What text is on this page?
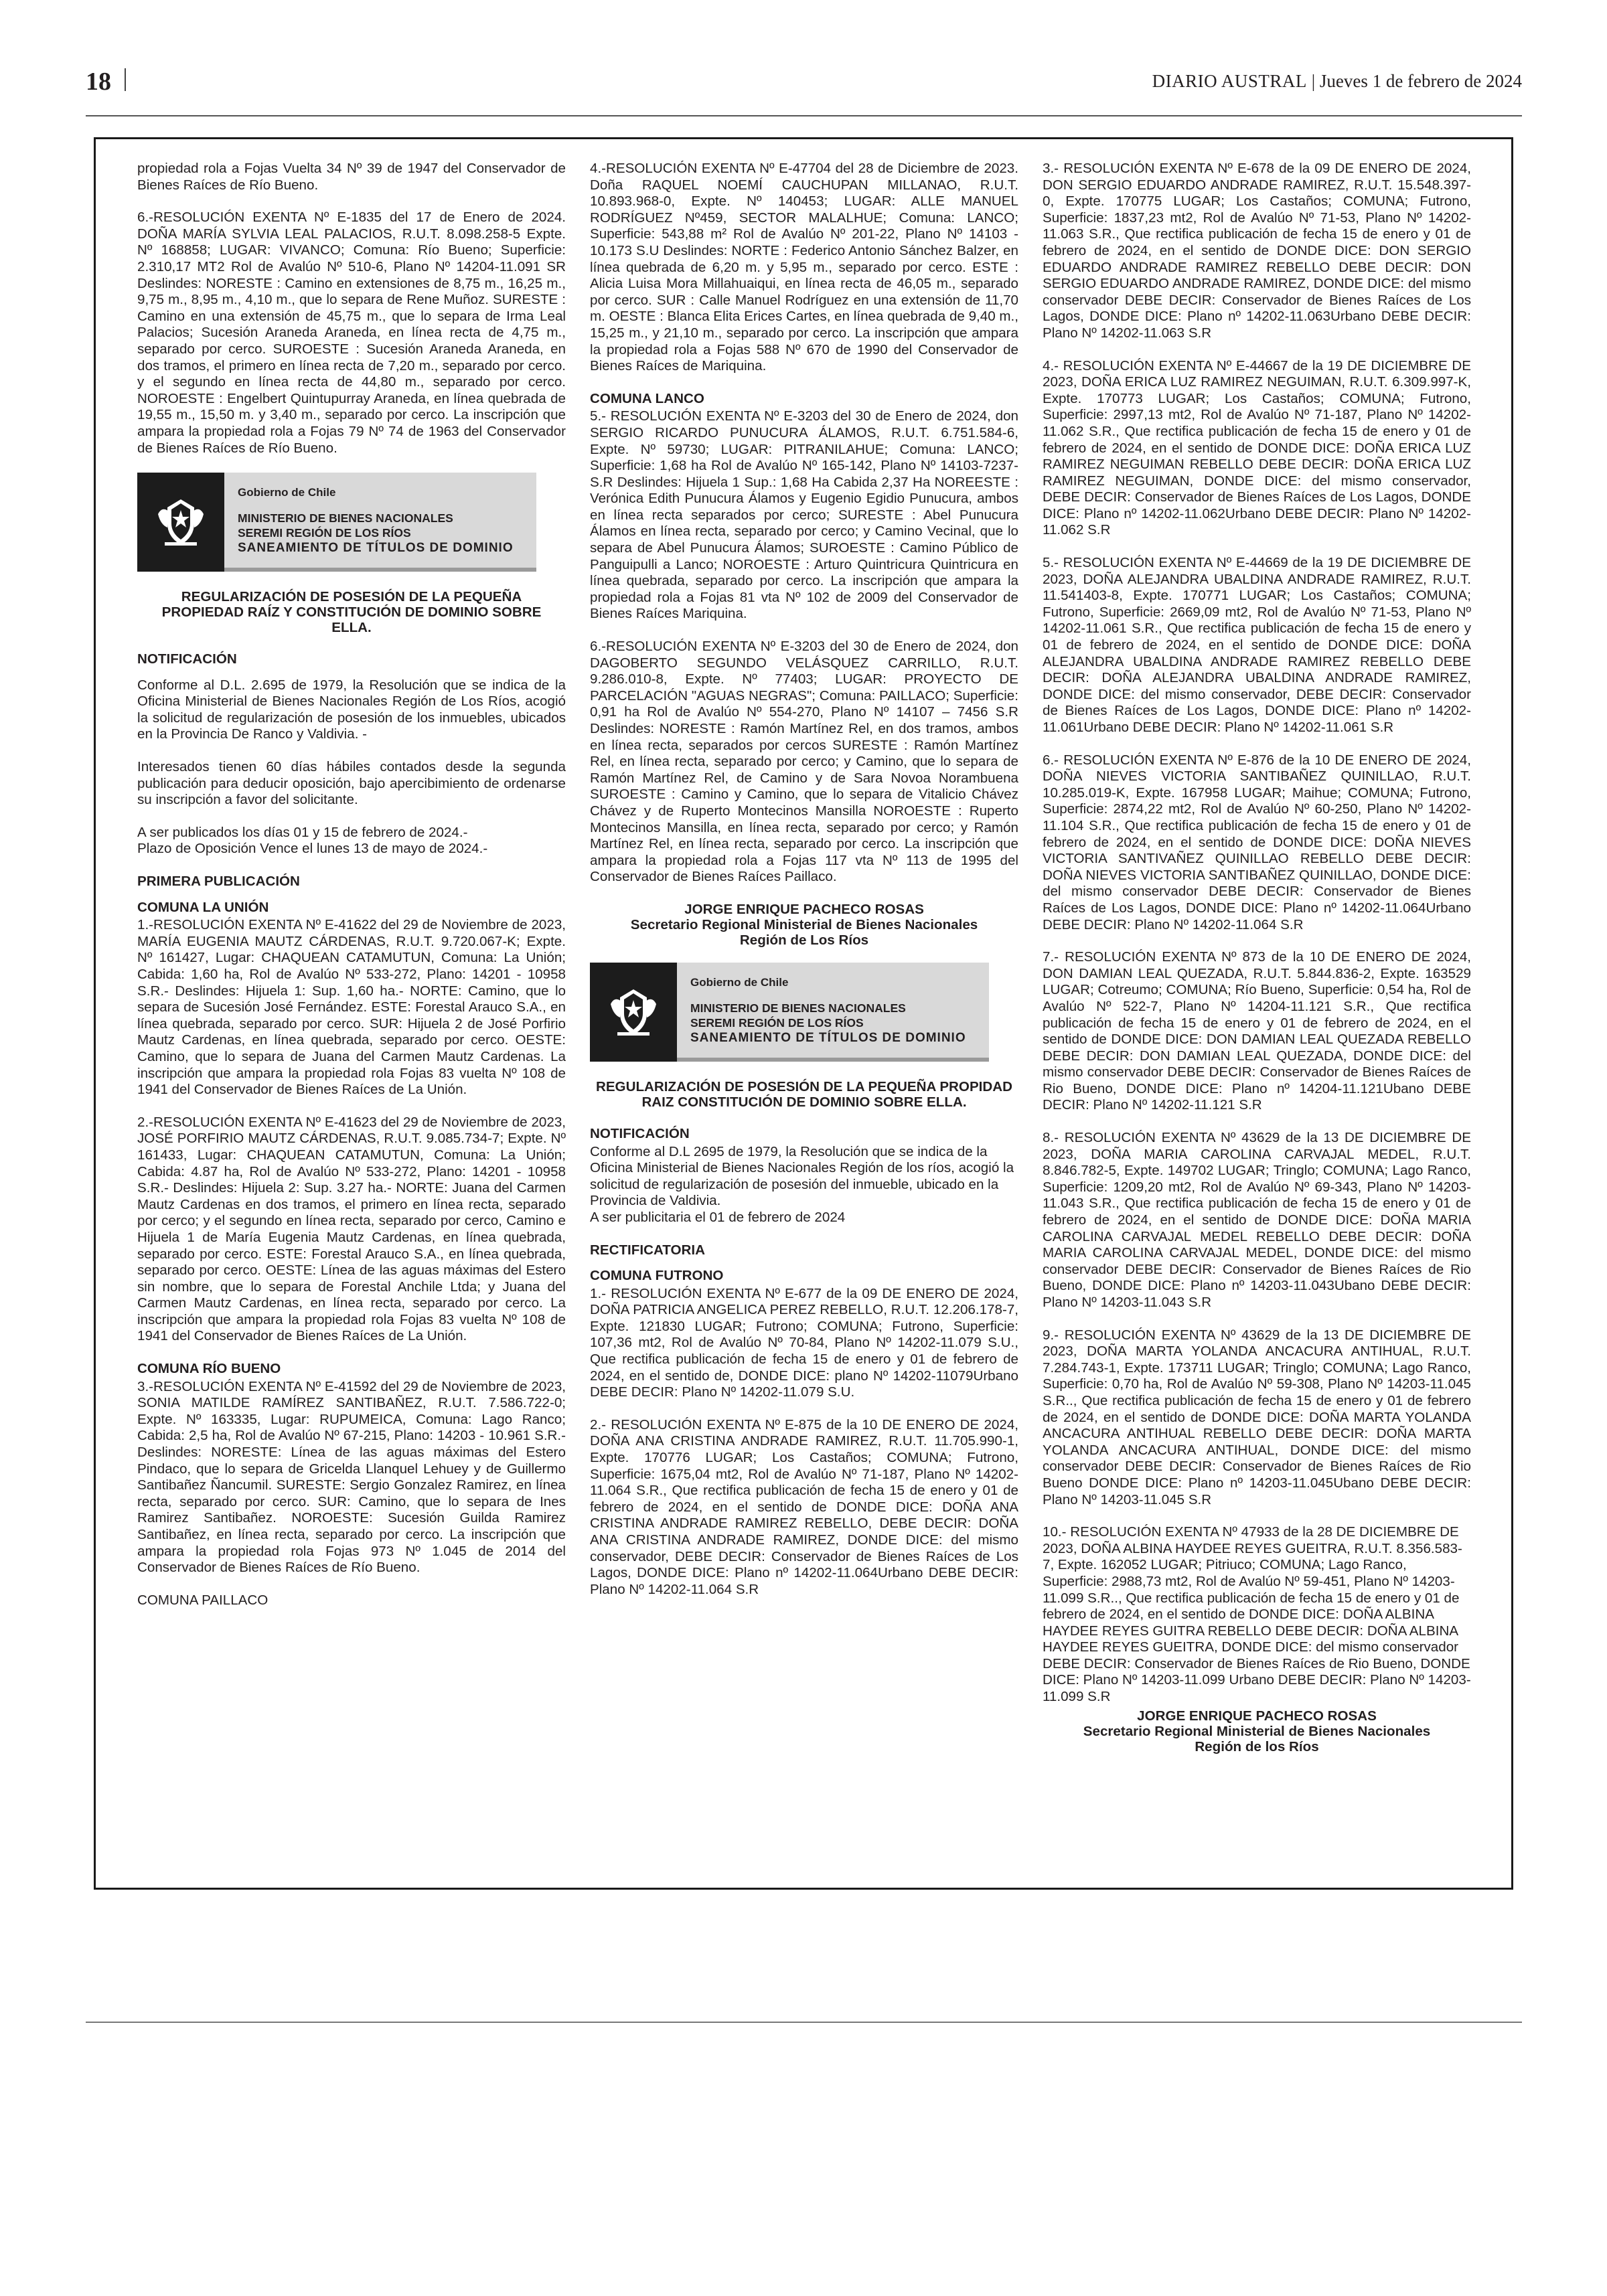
18	DIARIO AUSTRAL | Jueves 1 de febrero de 2024

propiedad rola a Fojas Vuelta 34 Nº 39 de 1947 del Conservador de Bienes Raíces de Río Bueno.

6.-RESOLUCIÓN EXENTA Nº E-1835 del 17 de Enero de 2024. DOÑA MARÍA SYLVIA LEAL PALACIOS, R.U.T. 8.098.258-5 Expte. Nº 168858; LUGAR: VIVANCO; Comuna: Río Bueno; Superficie: 2.310,17 MT2 Rol de Avalúo Nº 510-6, Plano Nº 14204-11.091 SR Deslindes: NORESTE : Camino en extensiones de 8,75 m., 16,25 m., 9,75 m., 8,95 m., 4,10 m., que lo separa de Rene Muñoz. SURESTE : Camino en una extensión de 45,75 m., que lo separa de Irma Leal Palacios; Sucesión Araneda Araneda, en línea recta de 4,75 m., separado por cerco. SUROESTE : Sucesión Araneda Araneda, en dos tramos, el primero en línea recta de 7,20 m., separado por cerco. y el segundo en línea recta de 44,80 m., separado por cerco. NOROESTE : Engelbert Quintupurray Araneda, en línea quebrada de 19,55 m., 15,50 m. y 3,40 m., separado por cerco. La inscripción que ampara la propiedad rola a Fojas 79 Nº 74 de 1963 del Conservador de Bienes Raíces de Río Bueno.

Gobierno de Chile
MINISTERIO DE BIENES NACIONALES
SEREMI REGIÓN DE LOS RÍOS
SANEAMIENTO DE TÍTULOS DE DOMINIO

REGULARIZACIÓN DE POSESIÓN DE LA PEQUEÑA PROPIEDAD RAÍZ Y CONSTITUCIÓN DE DOMINIO SOBRE ELLA.

NOTIFICACIÓN

Conforme al D.L. 2.695 de 1979, la Resolución que se indica de la Oficina Ministerial de Bienes Nacionales Región de Los Ríos, acogió la solicitud de regularización de posesión de los inmuebles, ubicados en la Provincia De Ranco y Valdivia. -

Interesados tienen 60 días hábiles contados desde la segunda publicación para deducir oposición, bajo apercibimiento de ordenarse su inscripción a favor del solicitante.

A ser publicados los días 01 y 15 de febrero de 2024.-

Plazo de Oposición Vence el lunes 13 de mayo de 2024.-

PRIMERA PUBLICACIÓN

COMUNA LA UNIÓN

1.-RESOLUCIÓN EXENTA Nº E-41622 del 29 de Noviembre de 2023, MARÍA EUGENIA MAUTZ CÁRDENAS, R.U.T. 9.720.067-K; Expte. Nº 161427, Lugar: CHAQUEAN CATAMUTUN, Comuna: La Unión; Cabida: 1,60 ha, Rol de Avalúo Nº 533-272, Plano: 14201 - 10958 S.R.- Deslindes: Hijuela 1: Sup. 1,60 ha.- NORTE: Camino, que lo separa de Sucesión José Fernández. ESTE: Forestal Arauco S.A., en línea quebrada, separado por cerco. SUR: Hijuela 2 de José Porfirio Mautz Cardenas, en línea quebrada, separado por cerco. OESTE: Camino, que lo separa de Juana del Carmen Mautz Cardenas. La inscripción que ampara la propiedad rola Fojas 83 vuelta Nº 108 de 1941 del Conservador de Bienes Raíces de La Unión.

2.-RESOLUCIÓN EXENTA Nº E-41623 del 29 de Noviembre de 2023, JOSÉ PORFIRIO MAUTZ CÁRDENAS, R.U.T. 9.085.734-7; Expte. Nº 161433, Lugar: CHAQUEAN CATAMUTUN, Comuna: La Unión; Cabida: 4.87 ha, Rol de Avalúo Nº 533-272, Plano: 14201 - 10958 S.R.- Deslindes: Hijuela 2: Sup. 3.27 ha.- NORTE: Juana del Carmen Mautz Cardenas en dos tramos, el primero en línea recta, separado por cerco; y el segundo en línea recta, separado por cerco, Camino e Hijuela 1 de María Eugenia Mautz Cardenas, en línea quebrada, separado por cerco. ESTE: Forestal Arauco S.A., en línea quebrada, separado por cerco. OESTE: Línea de las aguas máximas del Estero sin nombre, que lo separa de Forestal Anchile Ltda; y Juana del Carmen Mautz Cardenas, en línea recta, separado por cerco. La inscripción que ampara la propiedad rola Fojas 83 vuelta Nº 108 de 1941 del Conservador de Bienes Raíces de La Unión.

COMUNA RÍO BUENO

3.-RESOLUCIÓN EXENTA Nº E-41592 del 29 de Noviembre de 2023, SONIA MATILDE RAMÍREZ SANTIBAÑEZ, R.U.T. 7.586.722-0; Expte. Nº 163335, Lugar: RUPUMEICA, Comuna: Lago Ranco; Cabida: 2,5 ha, Rol de Avalúo Nº 67-215, Plano: 14203 - 10.961 S.R.- Deslindes: NORESTE: Línea de las aguas máximas del Estero Pindaco, que lo separa de Gricelda Llanquel Lehuey y de Guillermo Santibañez Ñancumil. SURESTE: Sergio Gonzalez Ramirez, en línea recta, separado por cerco. SUR: Camino, que lo separa de Ines Ramirez Santibañez. NOROESTE: Sucesión Guilda Ramirez Santibañez, en línea recta, separado por cerco. La inscripción que ampara la propiedad rola Fojas 973 Nº 1.045 de 2014 del Conservador de Bienes Raíces de Río Bueno.

COMUNA PAILLACO

4.-RESOLUCIÓN EXENTA Nº E-47704 del 28 de Diciembre de 2023. Doña RAQUEL NOEMÍ CAUCHUPAN MILLANAO, R.U.T. 10.893.968-0, Expte. Nº 140453; LUGAR: ALLE MANUEL RODRÍGUEZ Nº459, SECTOR MALALHUE; Comuna: LANCO; Superficie: 543,88 m² Rol de Avalúo Nº 201-22, Plano Nº 14103 - 10.173 S.U Deslindes: NORTE : Federico Antonio Sánchez Balzer, en línea quebrada de 6,20 m. y 5,95 m., separado por cerco. ESTE : Alicia Luisa Mora Millahuaiqui, en línea recta de 46,05 m., separado por cerco. SUR : Calle Manuel Rodríguez en una extensión de 11,70 m. OESTE : Blanca Elita Erices Cartes, en línea quebrada de 9,40 m., 15,25 m., y 21,10 m., separado por cerco. La inscripción que ampara la propiedad rola a Fojas 588 Nº 670 de 1990 del Conservador de Bienes Raíces de Mariquina.

COMUNA LANCO

5.- RESOLUCIÓN EXENTA Nº E-3203 del 30 de Enero de 2024, don SERGIO RICARDO PUNUCURA ÁLAMOS, R.U.T. 6.751.584-6, Expte. Nº 59730; LUGAR: PITRANILAHUE; Comuna: LANCO; Superficie: 1,68 ha Rol de Avalúo Nº 165-142, Plano Nº 14103-7237-S.R Deslindes: Hijuela 1 Sup.: 1,68 Ha Cabida 2,37 Ha NOREESTE : Verónica Edith Punucura Álamos y Eugenio Egidio Punucura, ambos en línea recta separados por cerco; SURESTE : Abel Punucura Álamos en línea recta, separado por cerco; y Camino Vecinal, que lo separa de Abel Punucura Álamos; SUROESTE : Camino Público de Panguipulli a Lanco; NOROESTE : Arturo Quintricura Quintricura en línea quebrada, separado por cerco. La inscripción que ampara la propiedad rola a Fojas 81 vta Nº 102 de 2009 del Conservador de Bienes Raíces Mariquina.

6.-RESOLUCIÓN EXENTA Nº E-3203 del 30 de Enero de 2024, don DAGOBERTO SEGUNDO VELÁSQUEZ CARRILLO, R.U.T. 9.286.010-8, Expte. Nº 77403; LUGAR: PROYECTO DE PARCELACIÓN "AGUAS NEGRAS"; Comuna: PAILLACO; Superficie: 0,91 ha Rol de Avalúo Nº 554-270, Plano Nº 14107 – 7456 S.R Deslindes: NORESTE : Ramón Martínez Rel, en dos tramos, ambos en línea recta, separados por cercos SURESTE : Ramón Martínez Rel, en línea recta, separado por cerco; y Camino, que lo separa de Ramón Martínez Rel, de Camino y de Sara Novoa Norambuena SUROESTE : Camino y Camino, que lo separa de Vitalicio Chávez Chávez y de Ruperto Montecinos Mansilla NOROESTE : Ruperto Montecinos Mansilla, en línea recta, separado por cerco; y Ramón Martínez Rel, en línea recta, separado por cerco. La inscripción que ampara la propiedad rola a Fojas 117 vta Nº 113 de 1995 del Conservador de Bienes Raíces Paillaco.

JORGE ENRIQUE PACHECO ROSAS
Secretario Regional Ministerial de Bienes Nacionales
Región de Los Ríos
Gobierno de Chile
MINISTERIO DE BIENES NACIONALES
SEREMI REGIÓN DE LOS RÍOS
SANEAMIENTO DE TÍTULOS DE DOMINIO

REGULARIZACIÓN DE POSESIÓN DE LA PEQUEÑA PROPIDAD RAIZ CONSTITUCIÓN DE DOMINIO SOBRE ELLA.

NOTIFICACIÓN

Conforme al D.L 2695 de 1979, la Resolución que se indica de la Oficina Ministerial de Bienes Nacionales Región de los ríos, acogió la solicitud de regularización de posesión del inmueble, ubicado en la Provincia de Valdivia.

A ser publicitaria el 01 de febrero de 2024

RECTIFICATORIA

COMUNA FUTRONO

1.- RESOLUCIÓN EXENTA Nº E-677 de la 09 DE ENERO DE 2024, DOÑA PATRICIA ANGELICA PEREZ REBELLO, R.U.T. 12.206.178-7, Expte. 121830 LUGAR; Futrono; COMUNA; Futrono, Superficie: 107,36 mt2, Rol de Avalúo Nº 70-84, Plano Nº 14202-11.079 S.U., Que rectifica publicación de fecha 15 de enero y 01 de febrero de 2024, en el sentido de, DONDE DICE: plano Nº 14202-11079Urbano DEBE DECIR: Plano Nº 14202-11.079 S.U.

2.- RESOLUCIÓN EXENTA Nº E-875 de la 10 DE ENERO DE 2024, DOÑA ANA CRISTINA ANDRADE RAMIREZ, R.U.T. 11.705.990-1, Expte. 170776 LUGAR; Los Castaños; COMUNA; Futrono, Superficie: 1675,04 mt2, Rol de Avalúo Nº 71-187, Plano Nº 14202-11.064 S.R., Que rectifica publicación de fecha 15 de enero y 01 de febrero de 2024, en el sentido de DONDE DICE: DOÑA ANA CRISTINA ANDRADE RAMIREZ REBELLO, DEBE DECIR: DOÑA ANA CRISTINA ANDRADE RAMIREZ, DONDE DICE: del mismo conservador, DEBE DECIR: Conservador de Bienes Raíces de Los Lagos, DONDE DICE: Plano nº 14202-11.064Urbano DEBE DECIR: Plano Nº 14202-11.064 S.R

3.- RESOLUCIÓN EXENTA Nº E-678 de la 09 DE ENERO DE 2024, DON SERGIO EDUARDO ANDRADE RAMIREZ, R.U.T. 15.548.397-0, Expte. 170775 LUGAR; Los Castaños; COMUNA; Futrono, Superficie: 1837,23 mt2, Rol de Avalúo Nº 71-53, Plano Nº 14202-11.063 S.R., Que rectifica publicación de fecha 15 de enero y 01 de febrero de 2024, en el sentido de DONDE DICE: DON SERGIO EDUARDO ANDRADE RAMIREZ REBELLO DEBE DECIR: DON SERGIO EDUARDO ANDRADE RAMIREZ, DONDE DICE: del mismo conservador DEBE DECIR: Conservador de Bienes Raíces de Los Lagos, DONDE DICE: Plano nº 14202-11.063Urbano DEBE DECIR: Plano Nº 14202-11.063 S.R

4.- RESOLUCIÓN EXENTA Nº E-44667 de la 19 DE DICIEMBRE DE 2023, DOÑA ERICA LUZ RAMIREZ NEGUIMAN, R.U.T. 6.309.997-K, Expte. 170773 LUGAR; Los Castaños; COMUNA; Futrono, Superficie: 2997,13 mt2, Rol de Avalúo Nº 71-187, Plano Nº 14202-11.062 S.R., Que rectifica publicación de fecha 15 de enero y 01 de febrero de 2024, en el sentido de DONDE DICE: DOÑA ERICA LUZ RAMIREZ NEGUIMAN REBELLO DEBE DECIR: DOÑA ERICA LUZ RAMIREZ NEGUIMAN, DONDE DICE: del mismo conservador, DEBE DECIR: Conservador de Bienes Raíces de Los Lagos, DONDE DICE: Plano nº 14202-11.062Urbano DEBE DECIR: Plano Nº 14202-11.062 S.R

5.- RESOLUCIÓN EXENTA Nº E-44669 de la 19 DE DICIEMBRE DE 2023, DOÑA ALEJANDRA UBALDINA ANDRADE RAMIREZ, R.U.T. 11.541403-8, Expte. 170771 LUGAR; Los Castaños; COMUNA; Futrono, Superficie: 2669,09 mt2, Rol de Avalúo Nº 71-53, Plano Nº 14202-11.061 S.R., Que rectifica publicación de fecha 15 de enero y 01 de febrero de 2024, en el sentido de DONDE DICE: DOÑA ALEJANDRA UBALDINA ANDRADE RAMIREZ REBELLO DEBE DECIR: DOÑA ALEJANDRA UBALDINA ANDRADE RAMIREZ, DONDE DICE: del mismo conservador, DEBE DECIR: Conservador de Bienes Raíces de Los Lagos, DONDE DICE: Plano nº 14202-11.061Urbano DEBE DECIR: Plano Nº 14202-11.061 S.R

6.- RESOLUCIÓN EXENTA Nº E-876 de la 10 DE ENERO DE 2024, DOÑA NIEVES VICTORIA SANTIBAÑEZ QUINILLAO, R.U.T. 10.285.019-K, Expte. 167958 LUGAR; Maihue; COMUNA; Futrono, Superficie: 2874,22 mt2, Rol de Avalúo Nº 60-250, Plano Nº 14202-11.104 S.R., Que rectifica publicación de fecha 15 de enero y 01 de febrero de 2024, en el sentido de DONDE DICE: DOÑA NIEVES VICTORIA SANTIVAÑEZ QUINILLAO REBELLO DEBE DECIR: DOÑA NIEVES VICTORIA SANTIBAÑEZ QUINILLAO, DONDE DICE: del mismo conservador DEBE DECIR: Conservador de Bienes Raíces de Los Lagos, DONDE DICE: Plano nº 14202-11.064Urbano DEBE DECIR: Plano Nº 14202-11.064 S.R

7.- RESOLUCIÓN EXENTA Nº 873 de la 10 DE ENERO DE 2024, DON DAMIAN LEAL QUEZADA, R.U.T. 5.844.836-2, Expte. 163529 LUGAR; Cotreumo; COMUNA; Río Bueno, Superficie: 0,54 ha, Rol de Avalúo Nº 522-7, Plano Nº 14204-11.121 S.R., Que rectifica publicación de fecha 15 de enero y 01 de febrero de 2024, en el sentido de DONDE DICE: DON DAMIAN LEAL QUEZADA REBELLO DEBE DECIR: DON DAMIAN LEAL QUEZADA, DONDE DICE: del mismo conservador DEBE DECIR: Conservador de Bienes Raíces de Rio Bueno, DONDE DICE: Plano nº 14204-11.121Ubano DEBE DECIR: Plano Nº 14202-11.121 S.R

8.- RESOLUCIÓN EXENTA Nº 43629 de la 13 DE DICIEMBRE DE 2023, DOÑA MARIA CAROLINA CARVAJAL MEDEL, R.U.T. 8.846.782-5, Expte. 149702 LUGAR; Tringlo; COMUNA; Lago Ranco, Superficie: 1209,20 mt2, Rol de Avalúo Nº 69-343, Plano Nº 14203-11.043 S.R., Que rectifica publicación de fecha 15 de enero y 01 de febrero de 2024, en el sentido de DONDE DICE: DOÑA MARIA CAROLINA CARVAJAL MEDEL REBELLO DEBE DECIR: DOÑA MARIA CAROLINA CARVAJAL MEDEL, DONDE DICE: del mismo conservador DEBE DECIR: Conservador de Bienes Raíces de Rio Bueno, DONDE DICE: Plano nº 14203-11.043Ubano DEBE DECIR: Plano Nº 14203-11.043 S.R

9.- RESOLUCIÓN EXENTA Nº 43629 de la 13 DE DICIEMBRE DE 2023, DOÑA MARTA YOLANDA ANCACURA ANTIHUAL, R.U.T. 7.284.743-1, Expte. 173711 LUGAR; Tringlo; COMUNA; Lago Ranco, Superficie: 0,70 ha, Rol de Avalúo Nº 59-308, Plano Nº 14203-11.045 S.R.., Que rectifica publicación de fecha 15 de enero y 01 de febrero de 2024, en el sentido de DONDE DICE: DOÑA MARTA YOLANDA ANCACURA ANTIHUAL REBELLO DEBE DECIR: DOÑA MARTA YOLANDA ANCACURA ANTIHUAL, DONDE DICE: del mismo conservador DEBE DECIR: Conservador de Bienes Raíces de Rio Bueno DONDE DICE: Plano nº 14203-11.045Ubano DEBE DECIR: Plano Nº 14203-11.045 S.R

10.- RESOLUCIÓN EXENTA Nº 47933 de la 28 DE DICIEMBRE DE 2023, DOÑA ALBINA HAYDEE REYES GUEITRA, R.U.T. 8.356.583-7, Expte. 162052 LUGAR; Pitriuco; COMUNA; Lago Ranco, Superficie: 2988,73 mt2, Rol de Avalúo Nº 59-451, Plano Nº 14203-11.099 S.R.., Que rectifica publicación de fecha 15 de enero y 01 de febrero de 2024, en el sentido de DONDE DICE: DOÑA ALBINA HAYDEE REYES GUITRA REBELLO DEBE DECIR: DOÑA ALBINA HAYDEE REYES GUEITRA, DONDE DICE: del mismo conservador DEBE DECIR: Conservador de Bienes Raíces de Rio Bueno, DONDE DICE: Plano Nº 14203-11.099 Urbano DEBE DECIR: Plano Nº 14203-11.099 S.R

JORGE ENRIQUE PACHECO ROSAS
Secretario Regional Ministerial de Bienes Nacionales
Región de los Ríos
